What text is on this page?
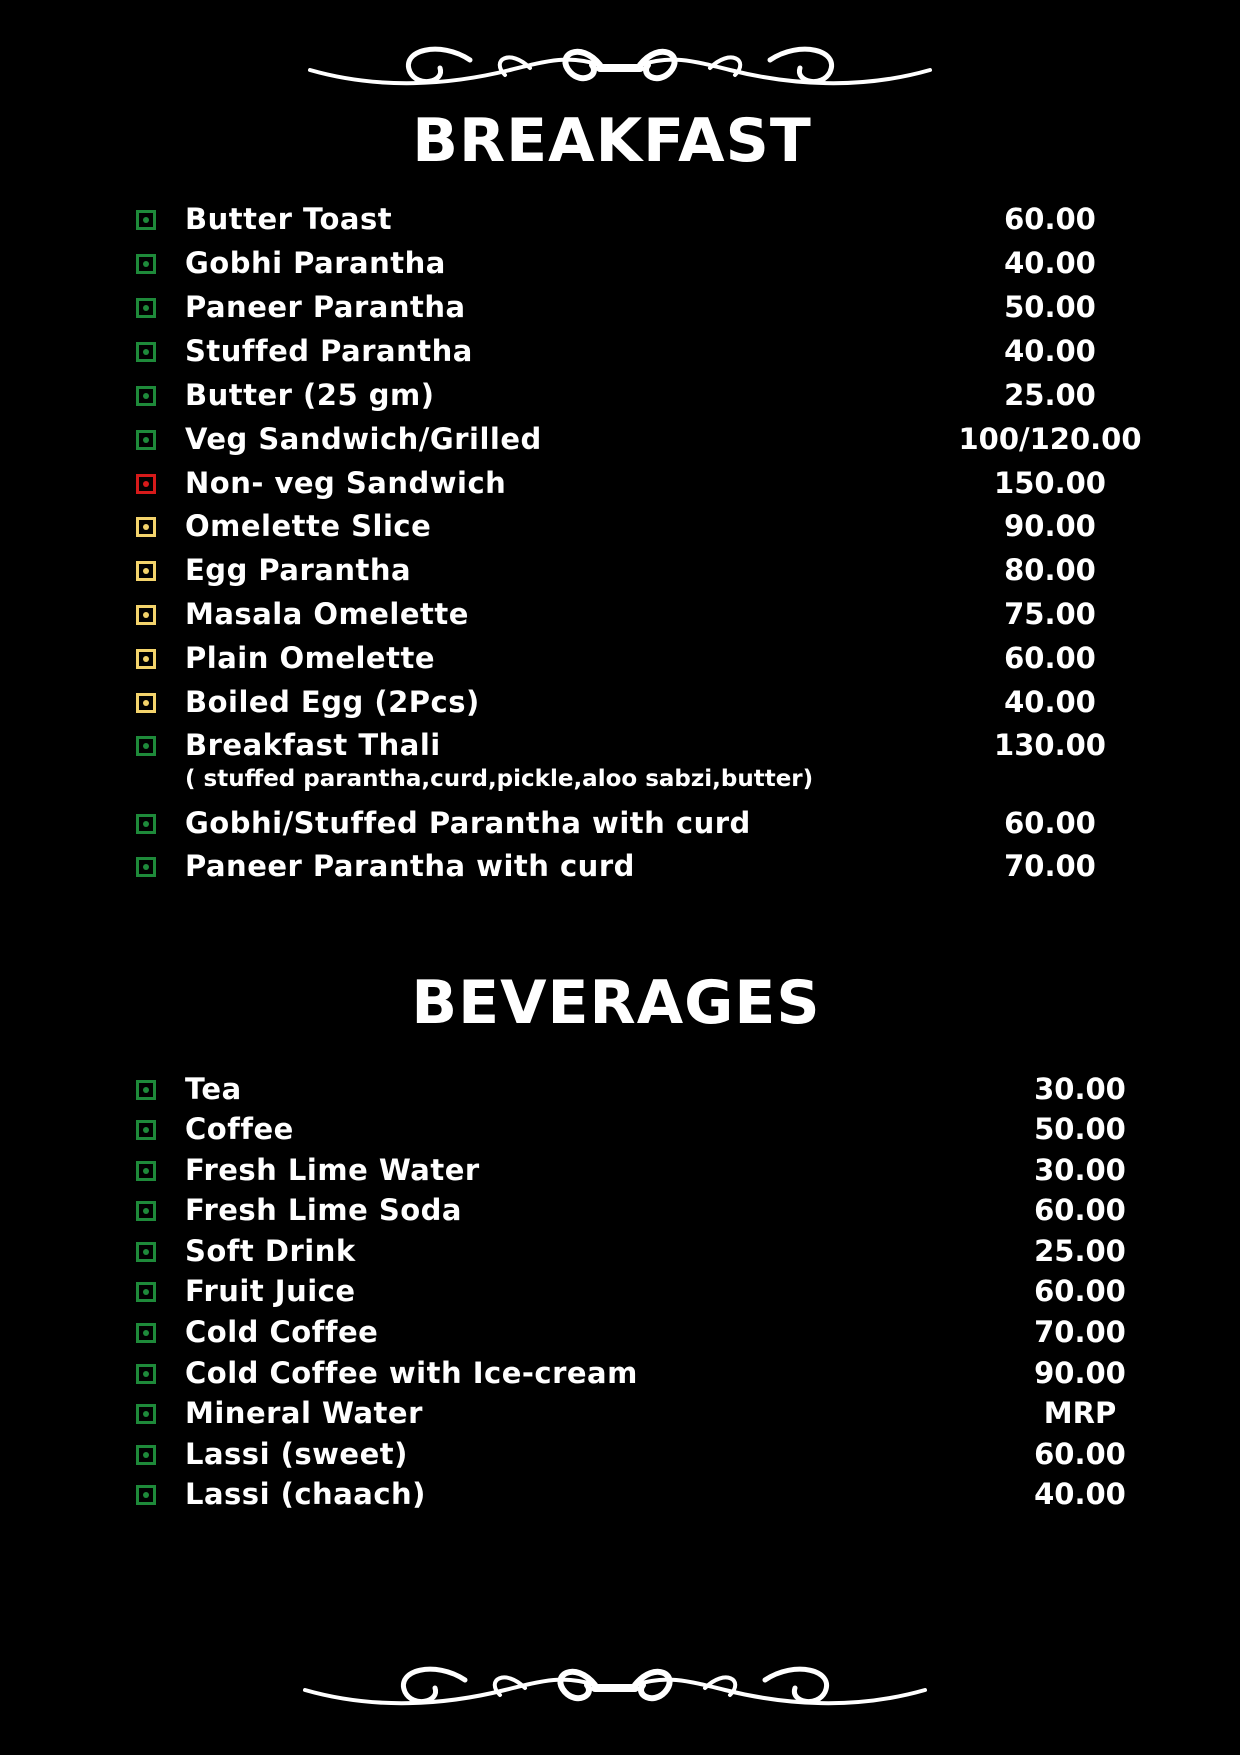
BREAKFAST
Butter Toast	60.00
Gobhi Parantha	40.00
Paneer Parantha	50.00
Stuffed Parantha	40.00
Butter (25 gm)	25.00
Veg Sandwich/Grilled	100/120.00
Non- veg Sandwich	150.00
Omelette Slice	90.00
Egg Parantha	80.00
Masala Omelette	75.00
Plain Omelette	60.00
Boiled Egg (2Pcs)	40.00
Breakfast Thali	130.00
Gobhi/Stuffed Parantha with curd	60.00
Paneer Parantha with curd	70.00
( stuffed parantha,curd,pickle,aloo sabzi,butter)
BEVERAGES
Tea	30.00
Coffee	50.00
Fresh Lime Water	30.00
Fresh Lime Soda	60.00
Soft Drink	25.00
Fruit Juice	60.00
Cold Coffee	70.00
Cold Coffee with Ice-cream	90.00
Mineral Water	MRP
Lassi (sweet)	60.00
Lassi (chaach)	40.00
